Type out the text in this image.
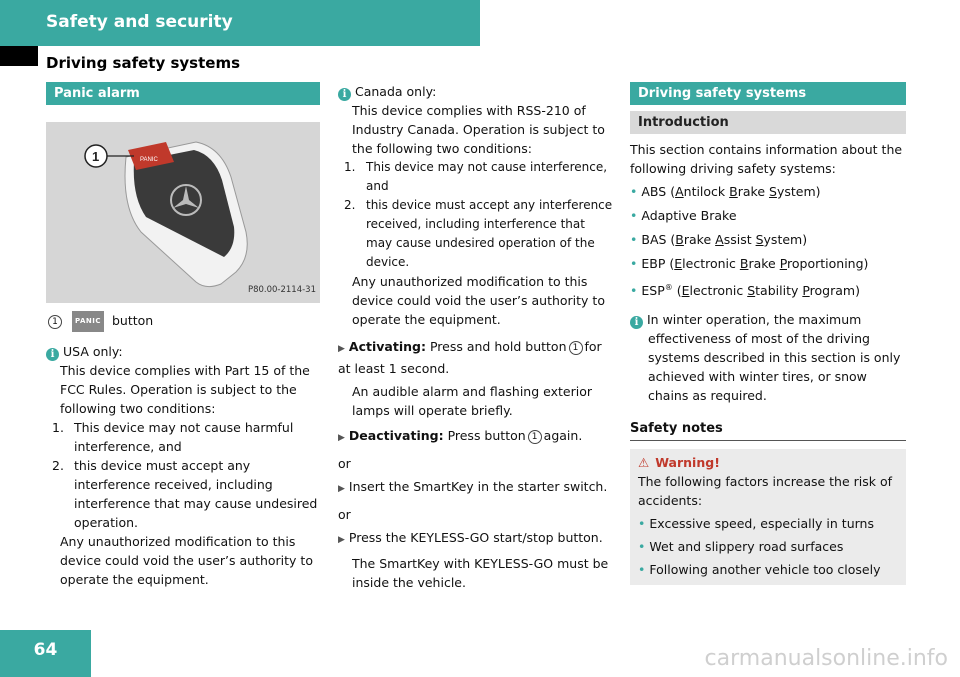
Safety and security
Driving safety systems
Panic alarm
PANIC
1
P80.00-2114-31

1 PANIC button

i USA only:

This device complies with Part 15 of the FCC Rules. Operation is subject to the following two conditions:

1. This device may not cause harmful interference, and
2. this device must accept any interference received, including interference that may cause undesired operation.

Any unauthorized modification to this device could void the user’s authority to operate the equipment.

i Canada only:

This device complies with RSS-210 of Industry Canada. Operation is subject to the following two conditions:

1. This device may not cause interference, and
2. this device must accept any interference received, including interference that may cause undesired operation of the device.

Any unauthorized modification to this device could void the user’s authority to operate the equipment.

▶ Activating: Press and hold button 1 for at least 1 second.

An audible alarm and flashing exterior lamps will operate briefly.

▶ Deactivating: Press button 1 again.

or

▶ Insert the SmartKey in the starter switch.

or

▶ Press the KEYLESS-GO start/stop button.

The SmartKey with KEYLESS-GO must be inside the vehicle.

Driving safety systems
Introduction

This section contains information about the following driving safety systems:

• ABS (Antilock Brake System)

• Adaptive Brake

• BAS (Brake Assist System)

• EBP (Electronic Brake Proportioning)

• ESP® (Electronic Stability Program)

i In winter operation, the maximum effectiveness of most of the driving systems described in this section is only achieved with winter tires, or snow chains as required.

Safety notes

⚠ Warning!

The following factors increase the risk of accidents:

• Excessive speed, especially in turns

• Wet and slippery road surfaces

• Following another vehicle too closely

64	carmanualsonline.info
